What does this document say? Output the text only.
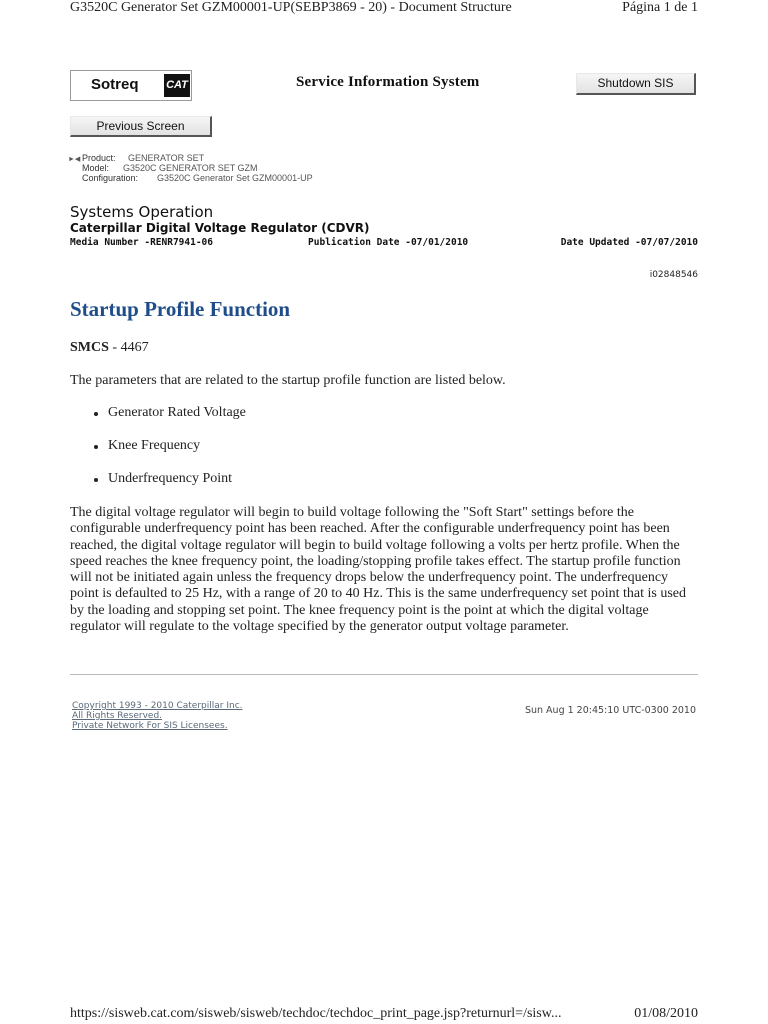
G3520C Generator Set GZM00001-UP(SEBP3869 - 20) - Document Structure	Página 1 de 1
Sotreq	CAT	Service Information System	Shutdown SIS
Previous Screen
►◀ Product: GENERATOR SET
Model: G3520C GENERATOR SET GZM
Configuration: G3520C Generator Set GZM00001-UP
Systems Operation
Caterpillar Digital Voltage Regulator (CDVR)
Media Number -RENR7941-06	Publication Date -07/01/2010	Date Updated -07/07/2010
i02848546
Startup Profile Function
SMCS - 4467
The parameters that are related to the startup profile function are listed below.
Generator Rated Voltage
Knee Frequency
Underfrequency Point

The digital voltage regulator will begin to build voltage following the "Soft Start" settings before the configurable underfrequency point has been reached. After the configurable underfrequency point has been reached, the digital voltage regulator will begin to build voltage following a volts per hertz profile. When the speed reaches the knee frequency point, the loading/stopping profile takes effect. The startup profile function will not be initiated again unless the frequency drops below the underfrequency point. The underfrequency point is defaulted to 25 Hz, with a range of 20 to 40 Hz. This is the same underfrequency set point that is used by the loading and stopping set point. The knee frequency point is the point at which the digital voltage regulator will regulate to the voltage specified by the generator output voltage parameter.

Copyright 1993 - 2010 Caterpillar Inc.
All Rights Reserved.
Private Network For SIS Licensees.
Sun Aug 1 20:45:10 UTC-0300 2010
https://sisweb.cat.com/sisweb/sisweb/techdoc/techdoc_print_page.jsp?returnurl=/sisw...	01/08/2010
